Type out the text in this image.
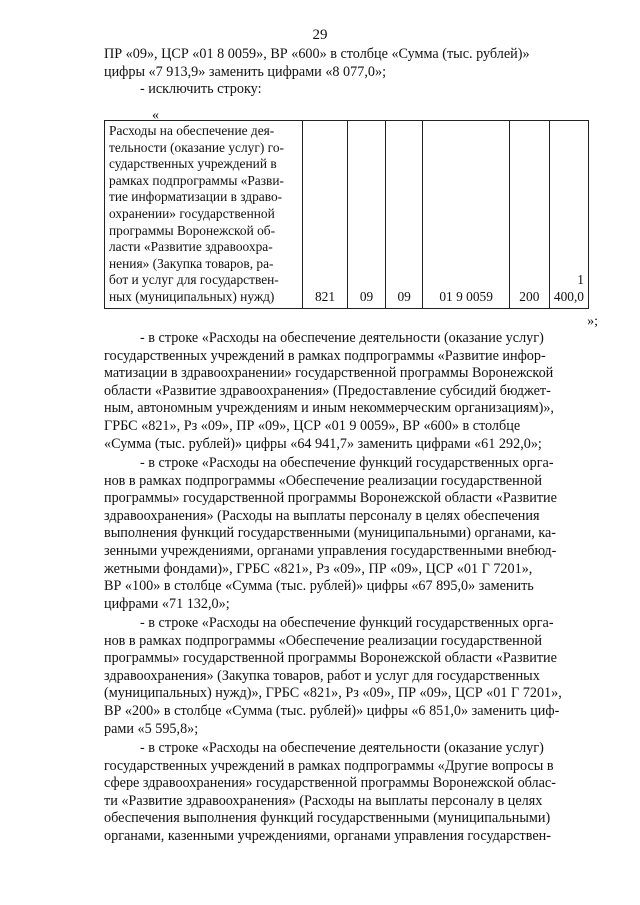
29
ПР «09», ЦСР «01 8 0059», ВР «600» в столбце «Сумма (тыс. рублей)»
цифры «7 913,9» заменить цифрами «8 077,0»;
- исключить строку:
«
Расходы на обеспечение дея-
тельности (оказание услуг) го-
сударственных учреждений в
рамках подпрограммы «Разви-
тие информатизации в здраво-
охранении» государственной
программы Воронежской об-
ласти «Развитие здравоохра-
нения» (Закупка товаров, ра-
бот и услуг для государствен-
ных (муниципальных) нужд)	821	09	09	01 9 0059	200	1 400,0
»;
- в строке «Расходы на обеспечение деятельности (оказание услуг)
государственных учреждений в рамках подпрограммы «Развитие инфор-
матизации в здравоохранении» государственной программы Воронежской
области «Развитие здравоохранения» (Предоставление субсидий бюджет-
ным, автономным учреждениям и иным некоммерческим организациям)»,
ГРБС «821», Рз «09», ПР «09», ЦСР «01 9 0059», ВР «600» в столбце
«Сумма (тыс. рублей)» цифры «64 941,7» заменить цифрами «61 292,0»;
- в строке «Расходы на обеспечение функций государственных орга-
нов в рамках подпрограммы «Обеспечение реализации государственной
программы» государственной программы Воронежской области «Развитие
здравоохранения» (Расходы на выплаты персоналу в целях обеспечения
выполнения функций государственными (муниципальными) органами, ка-
зенными учреждениями, органами управления государственными внебюд-
жетными фондами)», ГРБС «821», Рз «09», ПР «09», ЦСР «01 Г 7201»,
ВР «100» в столбце «Сумма (тыс. рублей)» цифры «67 895,0» заменить
цифрами «71 132,0»;
- в строке «Расходы на обеспечение функций государственных орга-
нов в рамках подпрограммы «Обеспечение реализации государственной
программы» государственной программы Воронежской области «Развитие
здравоохранения» (Закупка товаров, работ и услуг для государственных
(муниципальных) нужд)», ГРБС «821», Рз «09», ПР «09», ЦСР «01 Г 7201»,
ВР «200» в столбце «Сумма (тыс. рублей)» цифры «6 851,0» заменить циф-
рами «5 595,8»;
- в строке «Расходы на обеспечение деятельности (оказание услуг)
государственных учреждений в рамках подпрограммы «Другие вопросы в
сфере здравоохранения» государственной программы Воронежской облас-
ти «Развитие здравоохранения» (Расходы на выплаты персоналу в целях
обеспечения выполнения функций государственными (муниципальными)
органами, казенными учреждениями, органами управления государствен-
